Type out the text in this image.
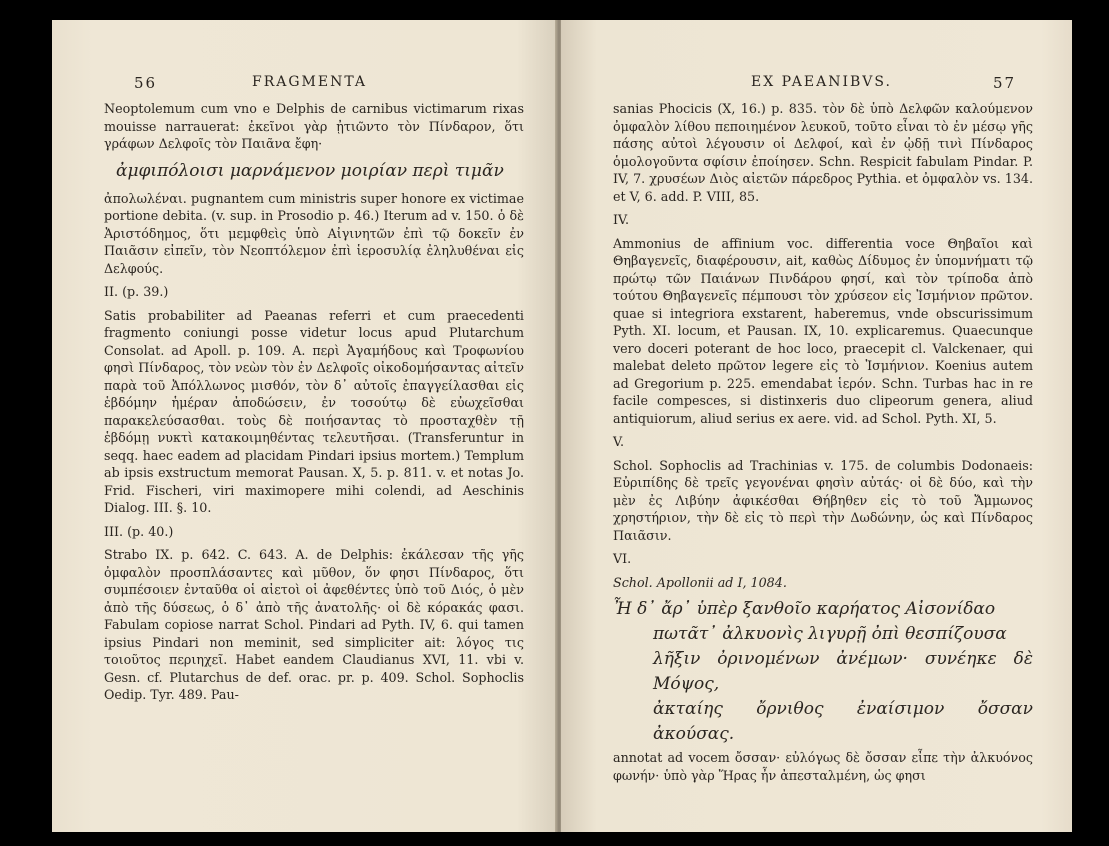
56	FRAGMENTA

Neoptolemum cum vno e Delphis de carnibus victimarum rixas mouisse narrauerat: ἐκεῖνοι γὰρ ᾐτιῶντο τὸν Πίνδαρον, ὅτι γράφων Δελφοῖς τὸν Παιᾶνα ἔφη·

ἀμφιπόλοισι μαρνάμενον μοιρίαν περὶ τιμᾶν

ἀπολωλέναι. pugnantem cum ministris super honore ex victimae portione debita. (v. sup. in Prosodio p. 46.) Iterum ad v. 150. ὁ δὲ Ἀριστόδημος, ὅτι μεμφθεὶς ὑπὸ Αἰγινητῶν ἐπὶ τῷ δοκεῖν ἐν Παιᾶσιν εἰπεῖν, τὸν Νεοπτόλεμον ἐπὶ ἱεροσυλίᾳ ἐληλυθέναι εἰς Δελφούς.

II. (p. 39.)

Satis probabiliter ad Paeanas referri et cum praecedenti fragmento coniungi posse videtur locus apud Plutarchum Consolat. ad Apoll. p. 109. A. περὶ Ἀγαμήδους καὶ Τροφωνίου φησὶ Πίνδαρος, τὸν νεὼν τὸν ἐν Δελφοῖς οἰκοδομήσαντας αἰτεῖν παρὰ τοῦ Ἀπόλλωνος μισθόν, τὸν δ᾽ αὐτοῖς ἐπαγγείλασθαι εἰς ἑβδόμην ἡμέραν ἀποδώσειν, ἐν τοσούτῳ δὲ εὐωχεῖσθαι παρακελεύσασθαι. τοὺς δὲ ποιήσαντας τὸ προσταχθὲν τῇ ἑβδόμῃ νυκτὶ κατακοιμηθέντας τελευτῆσαι. (Transferuntur in seqq. haec eadem ad placidam Pindari ipsius mortem.) Templum ab ipsis exstructum memorat Pausan. X, 5. p. 811. v. et notas Jo. Frid. Fischeri, viri maximopere mihi colendi, ad Aeschinis Dialog. III. §. 10.

III. (p. 40.)

Strabo IX. p. 642. C. 643. A. de Delphis: ἐκάλεσαν τῆς γῆς ὀμφαλὸν προσπλάσαντες καὶ μῦθον, ὅν φησι Πίνδαρος, ὅτι συμπέσοιεν ἐνταῦθα οἱ αἰετοὶ οἱ ἀφεθέντες ὑπὸ τοῦ Διός, ὁ μὲν ἀπὸ τῆς δύσεως, ὁ δ᾽ ἀπὸ τῆς ἀνατολῆς· οἱ δὲ κόρακάς φασι. Fabulam copiose narrat Schol. Pindari ad Pyth. IV, 6. qui tamen ipsius Pindari non meminit, sed simpliciter ait: λόγος τις τοιοῦτος περιηχεῖ. Habet eandem Claudianus XVI, 11. vbi v. Gesn. cf. Plutarchus de def. orac. pr. p. 409. Schol. Sophoclis Oedip. Tyr. 489. Pau-

EX PAEANIBVS.	57

sanias Phocicis (X, 16.) p. 835. τὸν δὲ ὑπὸ Δελφῶν καλούμενον ὀμφαλὸν λίθου πεποιημένον λευκοῦ, τοῦτο εἶναι τὸ ἐν μέσῳ γῆς πάσης αὐτοὶ λέγουσιν οἱ Δελφοί, καὶ ἐν ᾠδῇ τινὶ Πίνδαρος ὁμολογοῦντα σφίσιν ἐποίησεν. Schn. Respicit fabulam Pindar. P. IV, 7. χρυσέων Διὸς αἰετῶν πάρεδρος Pythia. et ὀμφαλὸν vs. 134. et V, 6. add. P. VIII, 85.

IV.

Ammonius de affinium voc. differentia voce Θηβαῖοι καὶ Θηβαγενεῖς, διαφέρουσιν, ait, καθὼς Δίδυμος ἐν ὑπομνήματι τῷ πρώτῳ τῶν Παιάνων Πινδάρου φησί, καὶ τὸν τρίποδα ἀπὸ τούτου Θηβαγενεῖς πέμπουσι τὸν χρύσεον εἰς Ἰσμήνιον πρῶτον. quae si integriora exstarent, haberemus, vnde obscurissimum Pyth. XI. locum, et Pausan. IX, 10. explicaremus. Quaecunque vero doceri poterant de hoc loco, praecepit cl. Valckenaer, qui malebat deleto πρῶτον legere εἰς τὸ Ἰσμήνιον. Koenius autem ad Gregorium p. 225. emendabat ἱερόν. Schn. Turbas hac in re facile compesces, si distinxeris duo clipeorum genera, aliud antiquiorum, aliud serius ex aere. vid. ad Schol. Pyth. XI, 5.

V.

Schol. Sophoclis ad Trachinias v. 175. de columbis Dodonaeis: Εὐριπίδης δὲ τρεῖς γεγονέναι φησὶν αὐτάς· οἱ δὲ δύο, καὶ τὴν μὲν ἐς Λιβύην ἀφικέσθαι Θήβηθεν εἰς τὸ τοῦ Ἄμμωνος χρηστήριον, τὴν δὲ εἰς τὸ περὶ τὴν Δωδώνην, ὡς καὶ Πίνδαρος Παιᾶσιν.

VI.

Schol. Apollonii ad I, 1084.

Ἦ δ᾽ ἄρ᾽ ὑπὲρ ξανθοῖο καρήατος Αἰσονίδαο

πωτᾶτ᾽ ἀλκυονὶς λιγυρῇ ὀπὶ θεσπίζουσα

λῆξιν ὀρινομένων ἀνέμων· συνέηκε δὲ Μόψος,

ἀκταίης ὄρνιθος ἐναίσιμον ὄσσαν ἀκούσας.

annotat ad vocem ὄσσαν· εὐλόγως δὲ ὄσσαν εἶπε τὴν ἀλκυόνος φωνήν· ὑπὸ γὰρ Ἥρας ἦν ἀπεσταλμένη, ὡς φησι
